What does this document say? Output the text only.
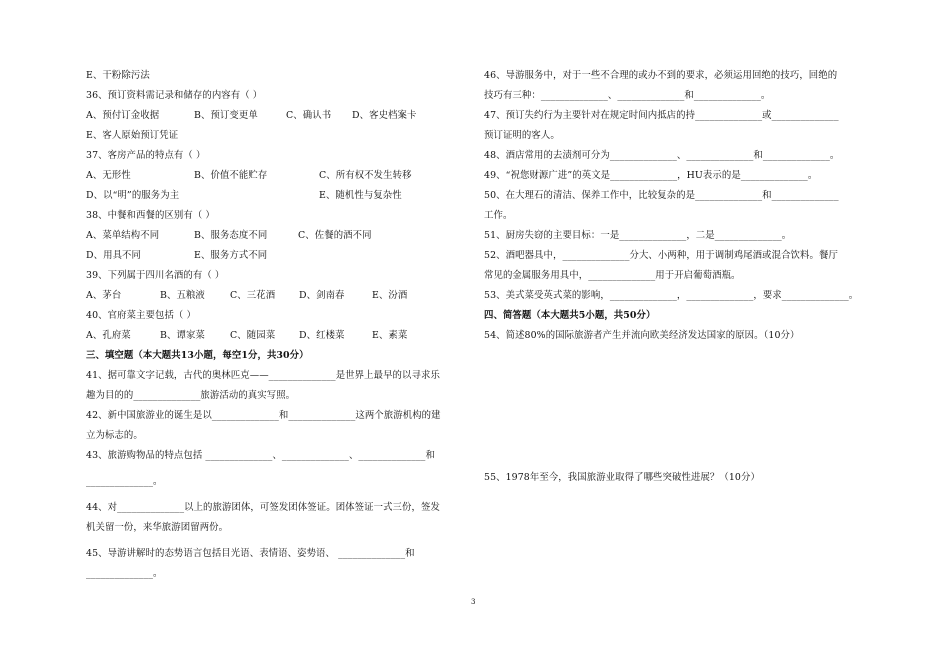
E、干粉除污法
36、预订资料需记录和储存的内容有（ ）
A、预付订金收据	B、预订变更单	C、确认书 D、客史档案卡
E、客人原始预订凭证
37、客房产品的特点有（ ）
A、无形性	B、价值不能贮存	C、所有权不发生转移
D、以“明”的服务为主	E、随机性与复杂性
38、中餐和西餐的区别有（ ）
A、菜单结构不同	B、服务态度不同	C、佐餐的酒不同
D、用具不同	E、服务方式不同
39、下列属于四川名酒的有（ ）
A、茅台	B、五粮液	C、三花酒	D、剑南春	E、汾酒
40、官府菜主要包括（ ）
A、孔府菜	B、谭家菜	C、随园菜	D、红楼菜	E、素菜
三、填空题（本大题共13小题，每空1分，共30分）
41、据可靠文字记载，古代的奥林匹克——______________是世界上最早的以寻求乐
趣为目的的______________旅游活动的真实写照。
42、新中国旅游业的诞生是以______________和______________这两个旅游机构的建
立为标志的。
43、旅游购物品的特点包括 ______________、______________、______________和
______________。
44、对______________以上的旅游团体，可签发团体签证。团体签证一式三份，签发
机关留一份，来华旅游团留两份。
45、导游讲解时的态势语言包括目光语、表情语、姿势语、 ______________和
______________。
46、导游服务中，对于一些不合理的或办不到的要求，必须运用回绝的技巧，回绝的
技巧有三种：______________、______________和______________。
47、预订失约行为主要针对在规定时间内抵店的持______________或______________
预订证明的客人。
48、酒店常用的去渍剂可分为______________、______________和______________。
49、“祝您财源广进”的英文是______________，HU表示的是______________。
50、在大理石的清洁、保养工作中，比较复杂的是______________和______________
工作。
51、厨房失窃的主要目标：一是______________，二是______________。
52、酒吧器具中，______________分大、小两种，用于调制鸡尾酒或混合饮料。餐厅
常见的金属服务用具中，______________用于开启葡萄酒瓶。
53、美式菜受英式菜的影响，______________，______________，要求______________。
四、简答题（本大题共5小题，共50分）
54、简述80%的国际旅游者产生并流向欧美经济发达国家的原因。（10分）
55、1978年至今，我国旅游业取得了哪些突破性进展？（10分）
3
